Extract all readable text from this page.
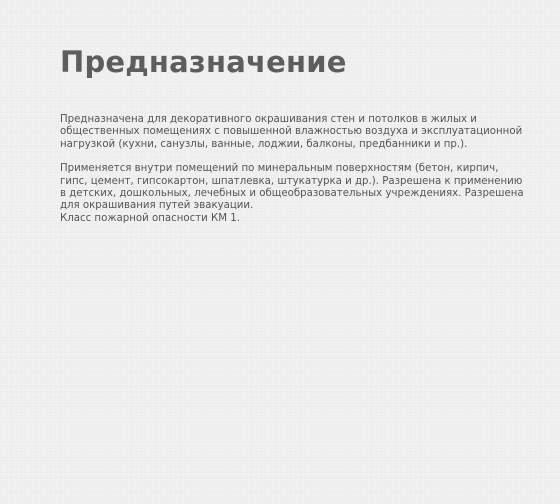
Предназначение

Предназначена для декоративного окрашивания стен и потолков в жилых и
общественных помещениях с повышенной влажностью воздуха и эксплуатационной
нагрузкой (кухни, санузлы, ванные, лоджии, балконы, предбанники и пр.).

Применяется внутри помещений по минеральным поверхностям (бетон, кирпич,
гипс, цемент, гипсокартон, шпатлевка, штукатурка и др.). Разрешена к применению
в детских, дошкольных, лечебных и общеобразовательных учреждениях. Разрешена
для окрашивания путей эвакуации.
Класс пожарной опасности КМ 1.
